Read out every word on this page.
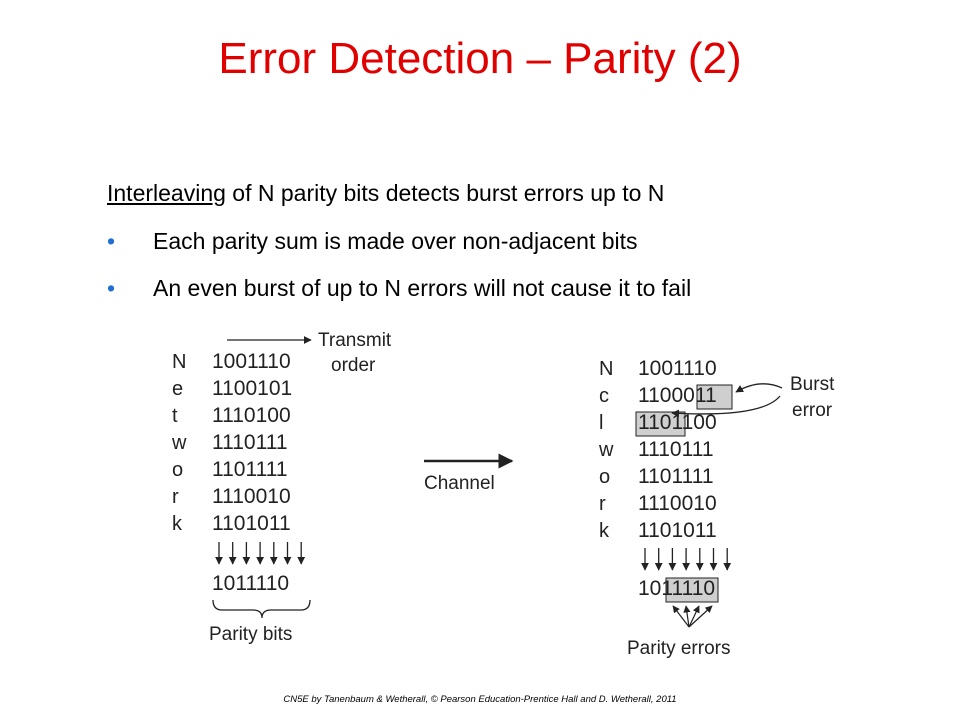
Error Detection – Parity (2)
Interleaving of N parity bits detects burst errors up to N
• Each parity sum is made over non-adjacent bits
• An even burst of up to N errors will not cause it to fail
N
e
t
w
o
r
k
1001110
1100101
1110100
1110111
1101111
1110010
1101011
1011110
Parity bits
Transmit
order
Channel
N
c
l
w
o
r
k
1001110
1100011
1101100
1110111
1101111
1110010
1101011
1011110
Burst
error
Parity errors
CN5E by Tanenbaum & Wetherall, © Pearson Education-Prentice Hall and D. Wetherall, 2011
